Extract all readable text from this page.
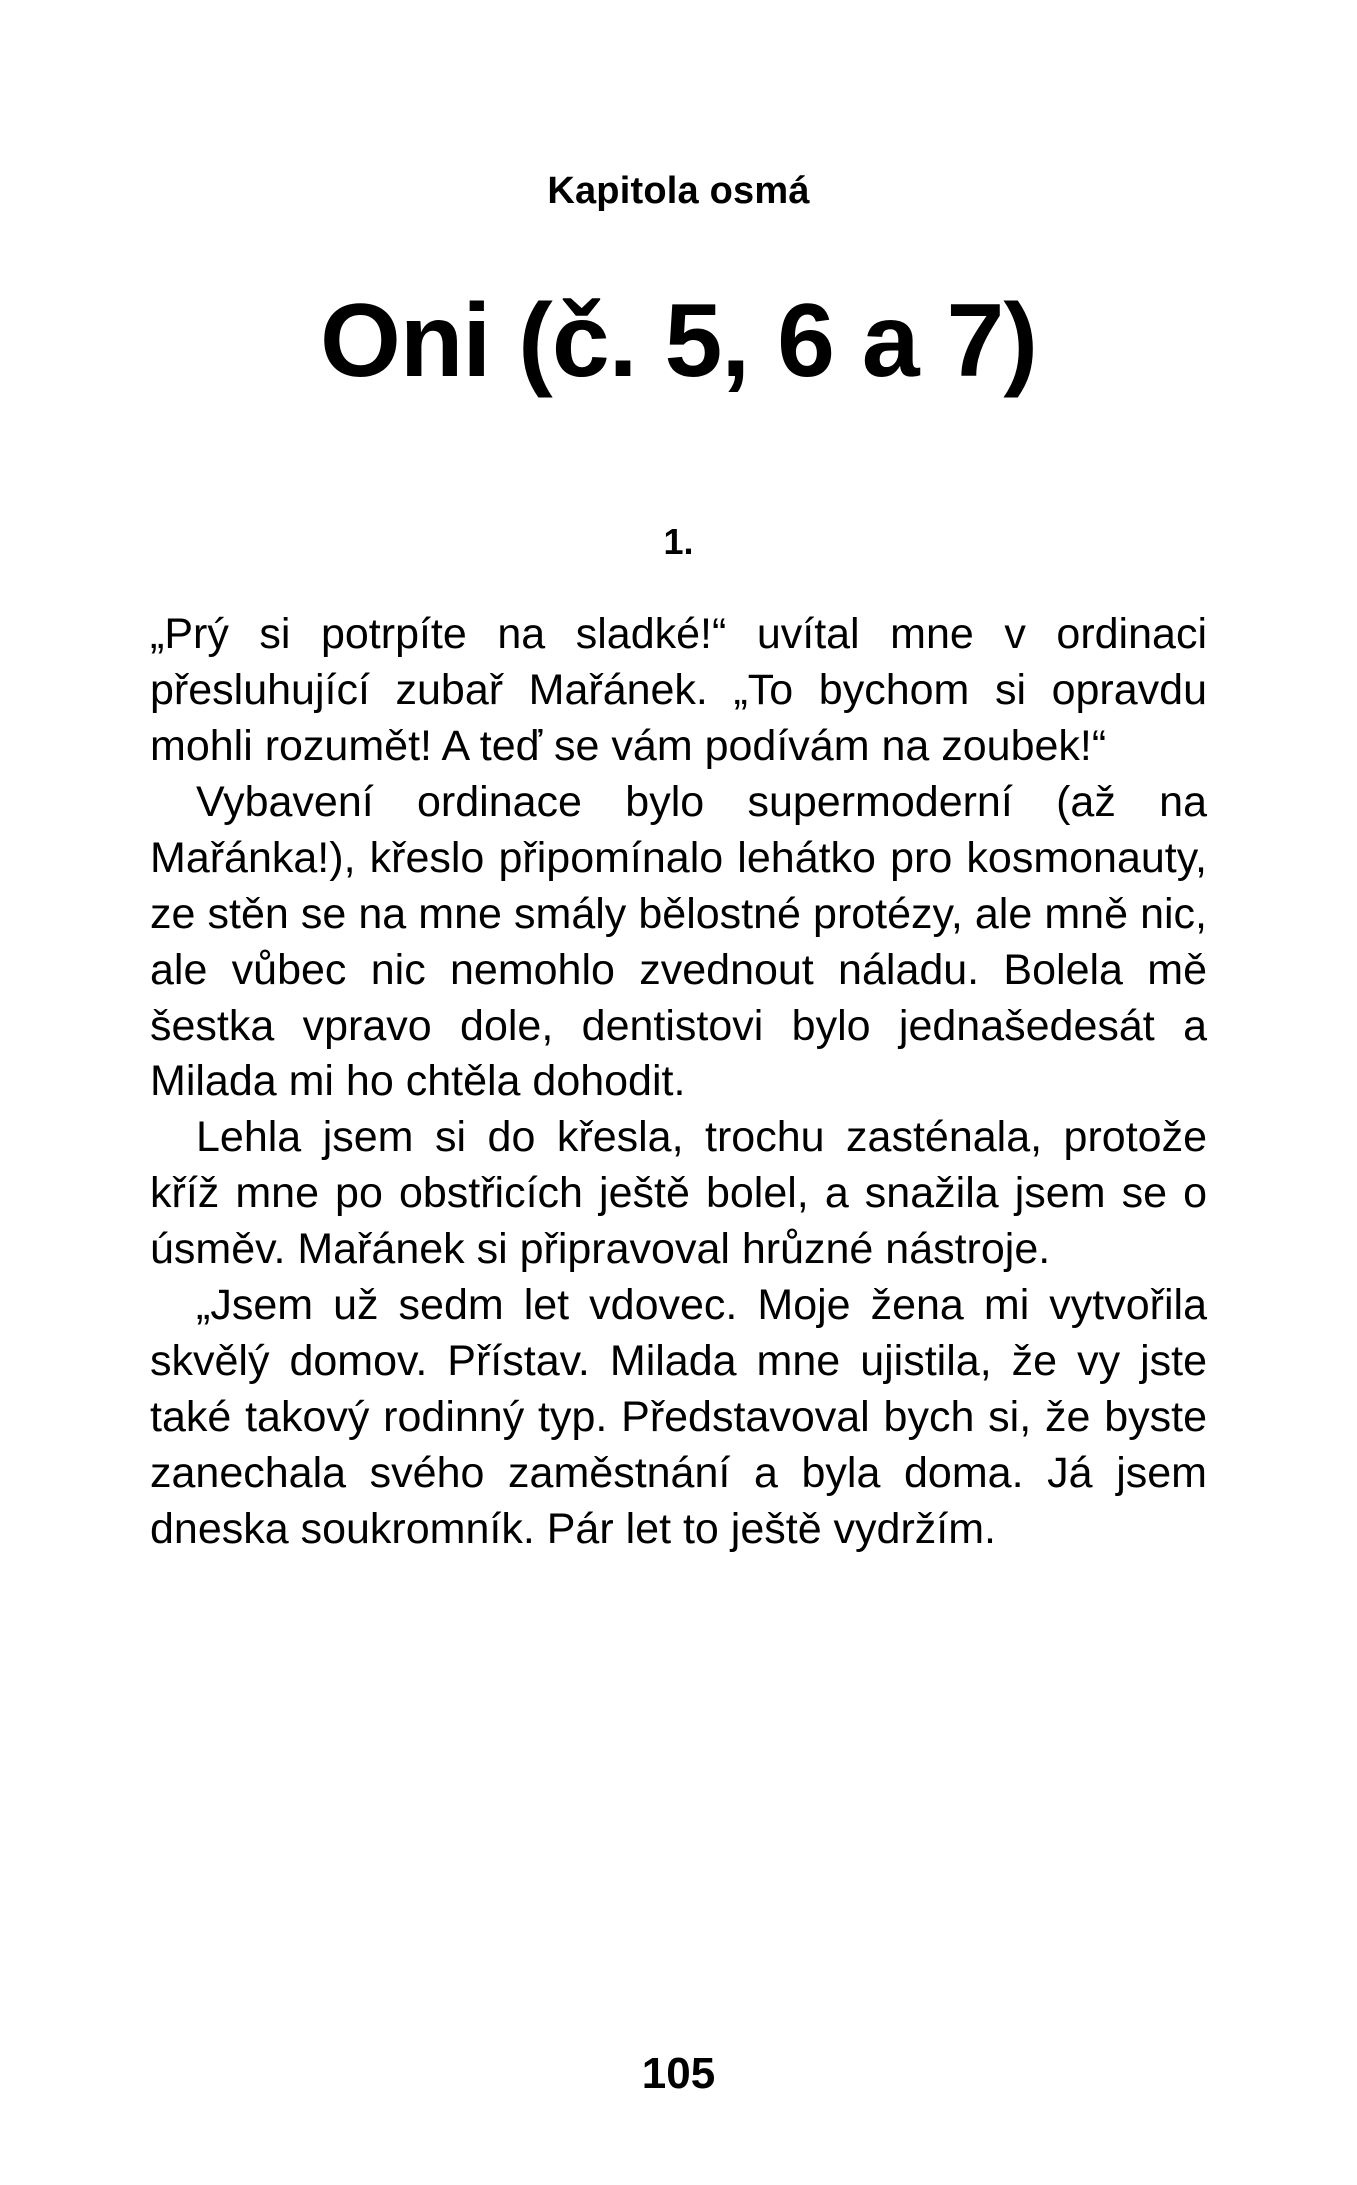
Kapitola osmá
Oni (č. 5, 6 a 7)
1.

„Prý si potrpíte na sladké!“ uvítal mne v ordinaci přesluhující zubař Mařánek. „To bychom si opravdu mohli rozumět! A teď se vám podívám na zoubek!“

Vybavení ordinace bylo supermoderní (až na Mařánka!), křeslo připomínalo lehátko pro kosmonauty, ze stěn se na mne smály bělostné protézy, ale mně nic, ale vůbec nic nemohlo zvednout náladu. Bolela mě šestka vpravo dole, dentistovi bylo jednašedesát a Milada mi ho chtěla dohodit.

Lehla jsem si do křesla, trochu zasténala, protože kříž mne po obstřicích ještě bolel, a snažila jsem se o úsměv. Mařánek si připravoval hrůzné nástroje.

„Jsem už sedm let vdovec. Moje žena mi vytvořila skvělý domov. Přístav. Milada mne ujistila, že vy jste také takový rodinný typ. Představoval bych si, že byste zanechala svého zaměstnání a byla doma. Já jsem dneska soukromník. Pár let to ještě vydržím.

105
